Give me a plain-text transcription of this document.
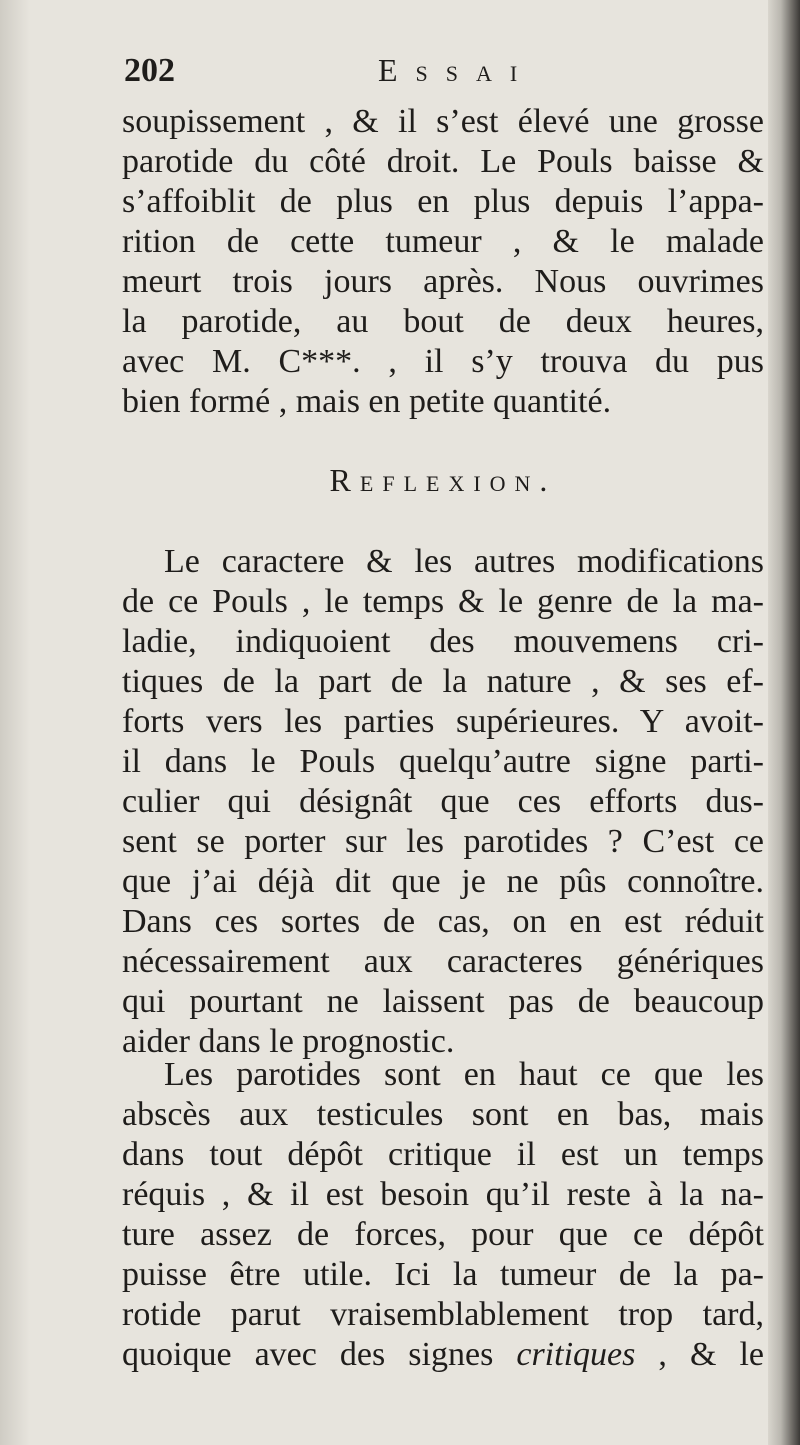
202	Essai
soupissement , & il s’est élevé une grosse
parotide du côté droit. Le Pouls baisse &
s’affoiblit de plus en plus depuis l’appa-
rition de cette tumeur , & le malade
meurt trois jours après. Nous ouvrimes
la parotide, au bout de deux heures,
avec M. C***. , il s’y trouva du pus
bien formé , mais en petite quantité.
Reflexion.
Le caractere & les autres modifications
de ce Pouls , le temps & le genre de la ma-
ladie, indiquoient des mouvemens cri-
tiques de la part de la nature , & ses ef-
forts vers les parties supérieures. Y avoit-
il dans le Pouls quelqu’autre signe parti-
culier qui désignât que ces efforts dus-
sent se porter sur les parotides ? C’est ce
que j’ai déjà dit que je ne pûs connoître.
Dans ces sortes de cas, on en est réduit
nécessairement aux caracteres génériques
qui pourtant ne laissent pas de beaucoup
aider dans le prognostic.
Les parotides sont en haut ce que les
abscès aux testicules sont en bas, mais
dans tout dépôt critique il est un temps
réquis , & il est besoin qu’il reste à la na-
ture assez de forces, pour que ce dépôt
puisse être utile. Ici la tumeur de la pa-
rotide parut vraisemblablement trop tard,
quoique avec des signes critiques , & le
